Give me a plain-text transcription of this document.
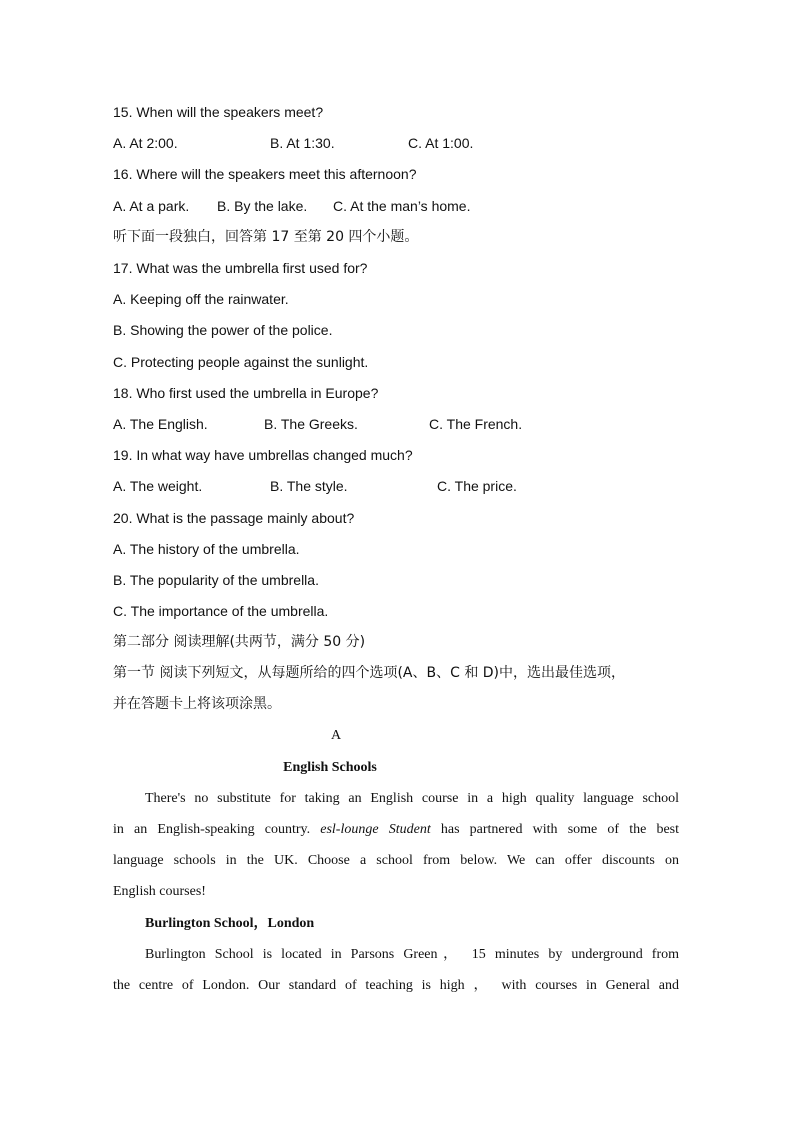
15. When will the speakers meet?
A. At 2:00.	B. At 1:30.	C. At 1:00.
16. Where will the speakers meet this afternoon?
A. At a park. B. By the lake. C. At the man’s home.
听下面一段独白，回答第 17 至第 20 四个小题。
17. What was the umbrella first used for?
A. Keeping off the rainwater.
B. Showing the power of the police.
C. Protecting people against the sunlight.
18. Who first used the umbrella in Europe?
A. The English.	B. The Greeks.	C. The French.
19. In what way have umbrellas changed much?
A. The weight.	B. The style.	C. The price.
20. What is the passage mainly about?
A. The history of the umbrella.
B. The popularity of the umbrella.
C. The importance of the umbrella.
第二部分 阅读理解(共两节，满分 50 分)
第一节 阅读下列短文，从每题所给的四个选项(A、B、C 和 D)中，选出最佳选项，
并在答题卡上将该项涂黑。
A
English Schools
There's no substitute for taking an English course in a high quality language school
in an English-speaking country. esl-lounge Student has partnered with some of the best
language schools in the UK. Choose a school from below. We can offer discounts on
English courses!
Burlington School，London
Burlington School is located in Parsons Green， 15 minutes by underground from
the centre of London. Our standard of teaching is high ， with courses in General and
